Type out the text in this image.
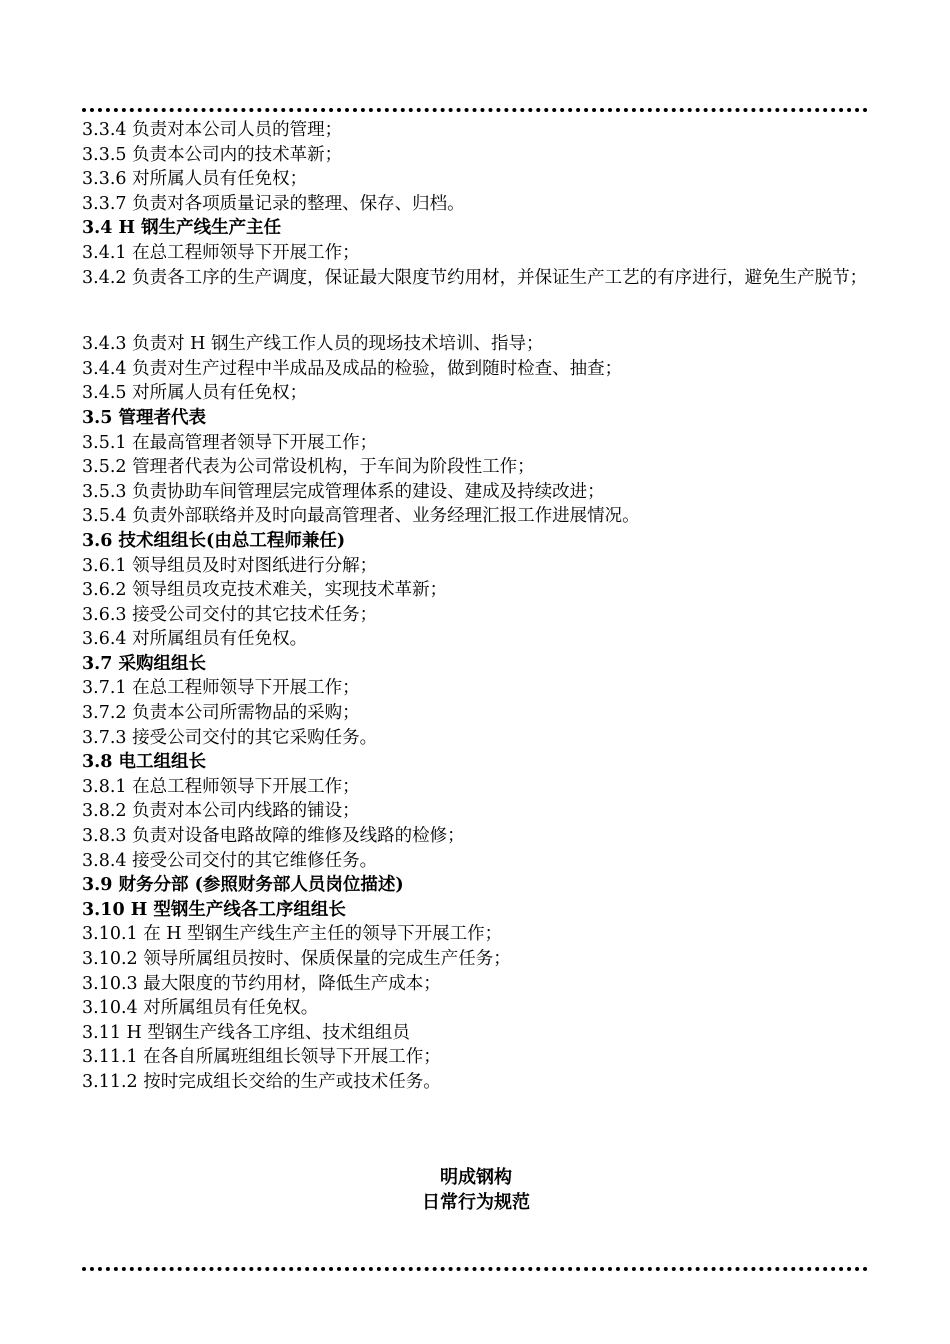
3.3.4 负责对本公司人员的管理；
3.3.5 负责本公司内的技术革新；
3.3.6 对所属人员有任免权；
3.3.7 负责对各项质量记录的整理、保存、归档。
3.4 H 钢生产线生产主任
3.4.1 在总工程师领导下开展工作；
3.4.2 负责各工序的生产调度，保证最大限度节约用材，并保证生产工艺的有序进行，避免生产脱节；
3.4.3 负责对 H 钢生产线工作人员的现场技术培训、指导；
3.4.4 负责对生产过程中半成品及成品的检验，做到随时检查、抽查；
3.4.5 对所属人员有任免权；
3.5 管理者代表
3.5.1 在最高管理者领导下开展工作；
3.5.2 管理者代表为公司常设机构，于车间为阶段性工作；
3.5.3 负责协助车间管理层完成管理体系的建设、建成及持续改进；
3.5.4 负责外部联络并及时向最高管理者、业务经理汇报工作进展情况。
3.6 技术组组长(由总工程师兼任)
3.6.1 领导组员及时对图纸进行分解；
3.6.2 领导组员攻克技术难关，实现技术革新；
3.6.3 接受公司交付的其它技术任务；
3.6.4 对所属组员有任免权。
3.7 采购组组长
3.7.1 在总工程师领导下开展工作；
3.7.2 负责本公司所需物品的采购；
3.7.3 接受公司交付的其它采购任务。
3.8 电工组组长
3.8.1 在总工程师领导下开展工作；
3.8.2 负责对本公司内线路的铺设；
3.8.3 负责对设备电路故障的维修及线路的检修；
3.8.4 接受公司交付的其它维修任务。
3.9 财务分部 (参照财务部人员岗位描述)
3.10 H 型钢生产线各工序组组长
3.10.1 在 H 型钢生产线生产主任的领导下开展工作；
3.10.2 领导所属组员按时、保质保量的完成生产任务；
3.10.3 最大限度的节约用材，降低生产成本；
3.10.4 对所属组员有任免权。
3.11 H 型钢生产线各工序组、技术组组员
3.11.1 在各自所属班组组长领导下开展工作；
3.11.2 按时完成组长交给的生产或技术任务。
明成钢构
日常行为规范
